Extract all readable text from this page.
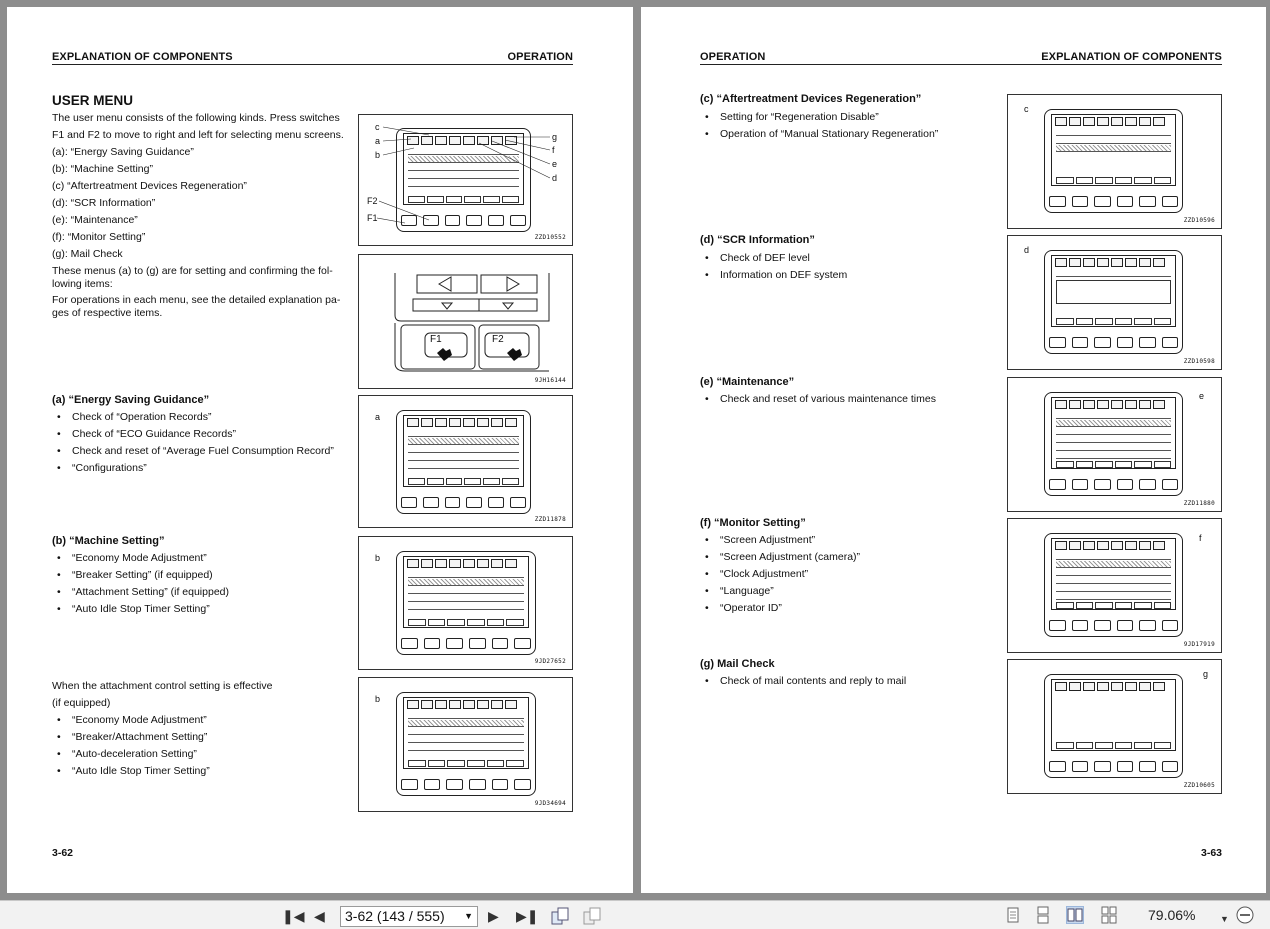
EXPLANATION OF COMPONENTS	OPERATION
USER MENU

The user menu consists of the following kinds. Press switches

F1 and F2 to move to right and left for selecting menu screens.

(a): “Energy Saving Guidance”

(b): “Machine Setting”

(c) “Aftertreatment Devices Regeneration”

(d): “SCR Information”

(e): “Maintenance”

(f): “Monitor Setting”

(g): Mail Check

These menus (a) to (g) are for setting and confirming the fol-

lowing items:

For operations in each menu, see the detailed explanation pa-

ges of respective items.

c
a
b
g
f
e
d
F2
F1
ZZD10552
F1	F2
9JH16144
(a) “Energy Saving Guidance”
• Check of “Operation Records”
• Check of “ECO Guidance Records”
• Check and reset of “Average Fuel Consumption Record”
• “Configurations”
a
ZZD11878
(b) “Machine Setting”
• “Economy Mode Adjustment”
• “Breaker Setting” (if equipped)
• “Attachment Setting” (if equipped)
• “Auto Idle Stop Timer Setting”
b
9JD27652

When the attachment control setting is effective

(if equipped)

• “Economy Mode Adjustment”
• “Breaker/Attachment Setting”
• “Auto-deceleration Setting”
• “Auto Idle Stop Timer Setting”
b
9JD34694
3-62
OPERATION	EXPLANATION OF COMPONENTS
(c) “Aftertreatment Devices Regeneration”
• Setting for “Regeneration Disable”
• Operation of “Manual Stationary Regeneration”
c
ZZD10596
(d) “SCR Information”
• Check of DEF level
• Information on DEF system
d
ZZD10598
(e) “Maintenance”
• Check and reset of various maintenance times	e
ZZD11880
(f) “Monitor Setting”
• “Screen Adjustment”
• “Screen Adjustment (camera)”
• “Clock Adjustment”
• “Language”
• “Operator ID”
f
9JD17919
(g) Mail Check
• Check of mail contents and reply to mail
g
ZZD10605
3-63
❚◀ ◀	3-62 (143 / 555) ▼ ▶ ▶❚	79.06%	▼
